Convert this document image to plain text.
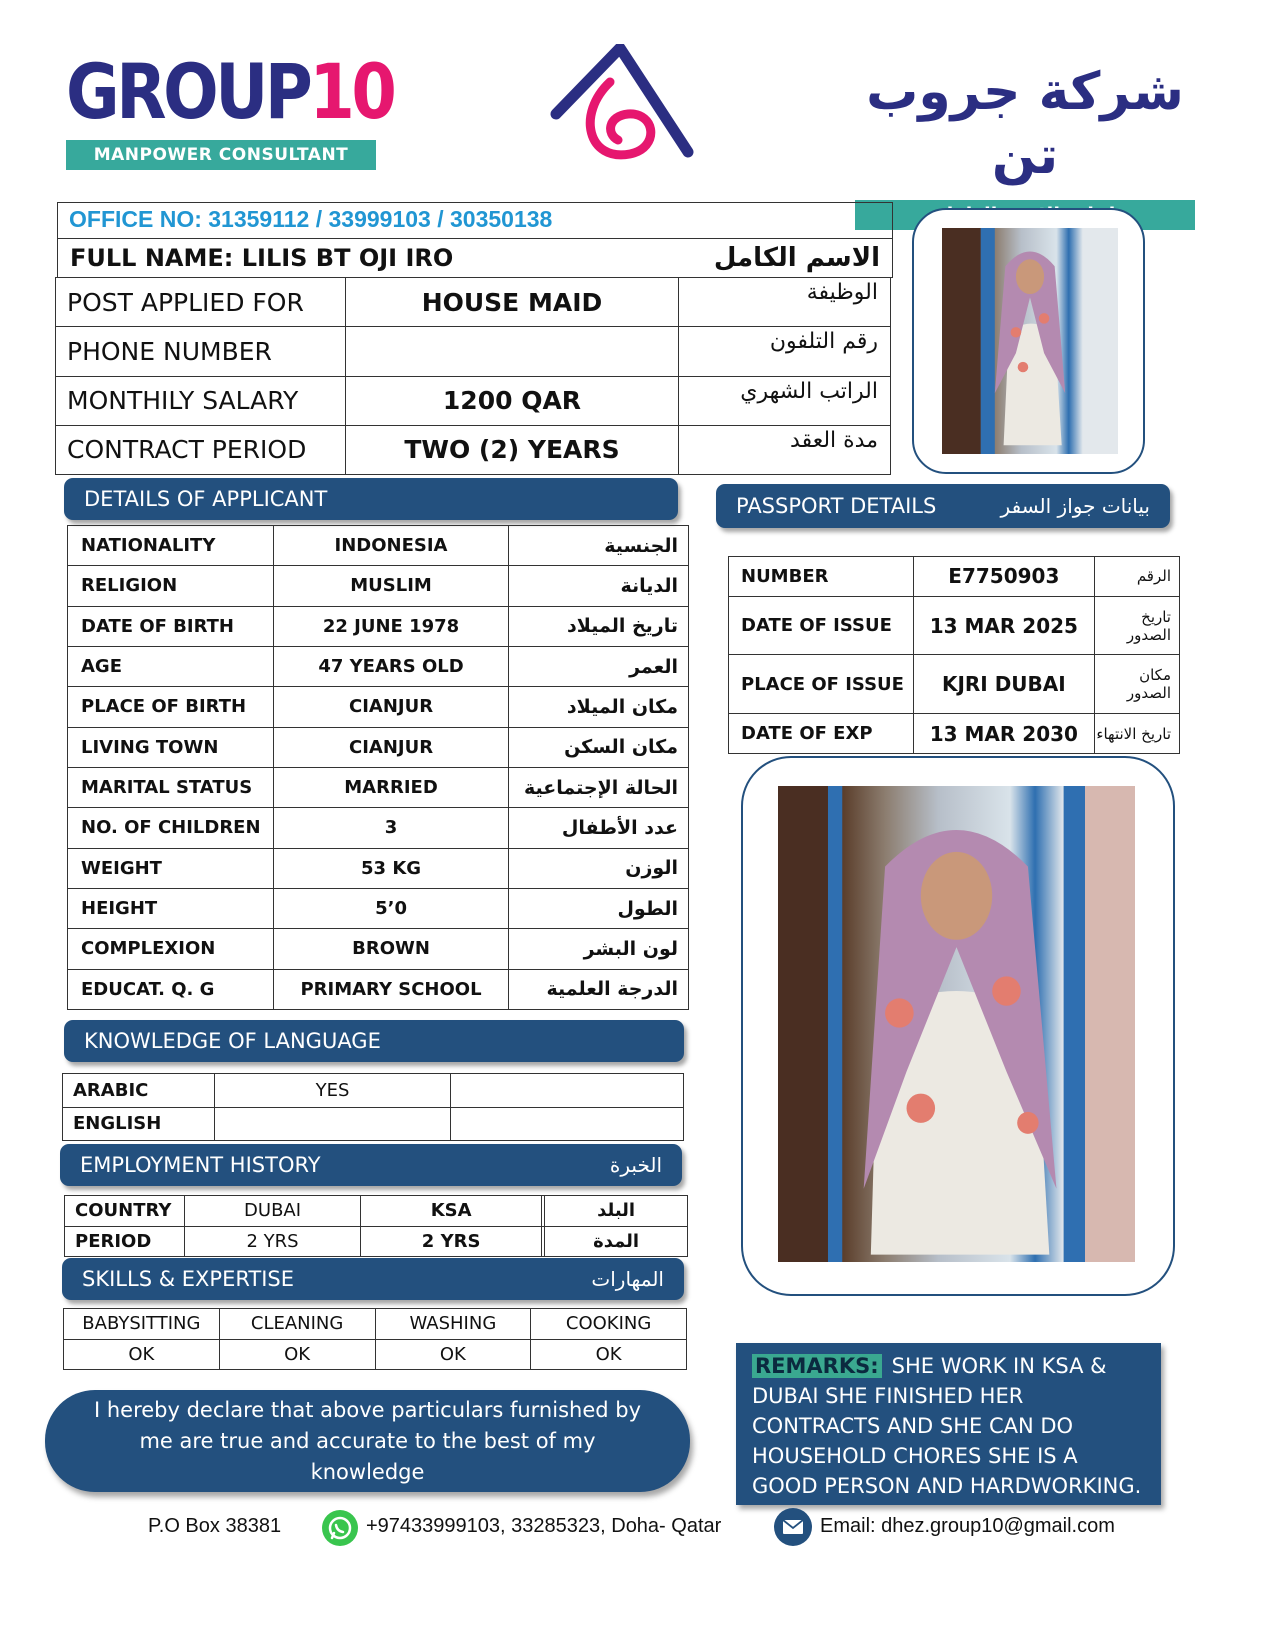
GROUP10
MANPOWER CONSULTANT
شركة جروب تن
OFFICE NO: 31359112 / 33999103 / 30350138
FULL NAME: LILIS BT OJI IRO	الاسم الكامل
POST APPLIED FOR	HOUSE MAID	الوظيفة
PHONE NUMBER		رقم التلفون
MONTHILY SALARY	1200 QAR	الراتب الشهري
CONTRACT PERIOD	TWO (2) YEARS	مدة العقد
DETAILS OF APPLICANT
NATIONALITY	INDONESIA	الجنسية
RELIGION	MUSLIM	الديانة
DATE OF BIRTH	22 JUNE 1978	تاريخ الميلاد
AGE	47 YEARS OLD	العمر
PLACE OF BIRTH	CIANJUR	مكان الميلاد
LIVING TOWN	CIANJUR	مكان السكن
MARITAL STATUS	MARRIED	الحالة الإجتماعية
NO. OF CHILDREN	3	عدد الأطفال
WEIGHT	53 KG	الوزن
HEIGHT	5’0	الطول
COMPLEXION	BROWN	لون البشر
EDUCAT. Q. G	PRIMARY SCHOOL	الدرجة العلمية
KNOWLEDGE OF LANGUAGE
ARABIC	YES	
ENGLISH		
EMPLOYMENT HISTORY	الخبرة
COUNTRY	DUBAI	KSA		البلد
PERIOD	2 YRS	2 YRS		المدة
SKILLS & EXPERTISE	المهارات
BABYSITTING	CLEANING	WASHING	COOKING
OK	OK	OK	OK
PASSPORT DETAILS	بيانات جواز السفر
NUMBER	E7750903	الرقم
DATE OF ISSUE	13 MAR 2025	تاريخ الصدور
PLACE OF ISSUE	KJRI DUBAI	مكان الصدور
DATE OF EXP	13 MAR 2030	تاريخ الانتهاء
I hereby declare that above particulars furnished by me are true and accurate to the best of my knowledge
REMARKS: SHE WORK IN KSA & DUBAI SHE FINISHED HER CONTRACTS AND SHE CAN DO HOUSEHOLD CHORES SHE IS A GOOD PERSON AND HARDWORKING.
P.O Box 38381	+97433999103, 33285323, Doha- Qatar	Email: dhez.group10@gmail.com
